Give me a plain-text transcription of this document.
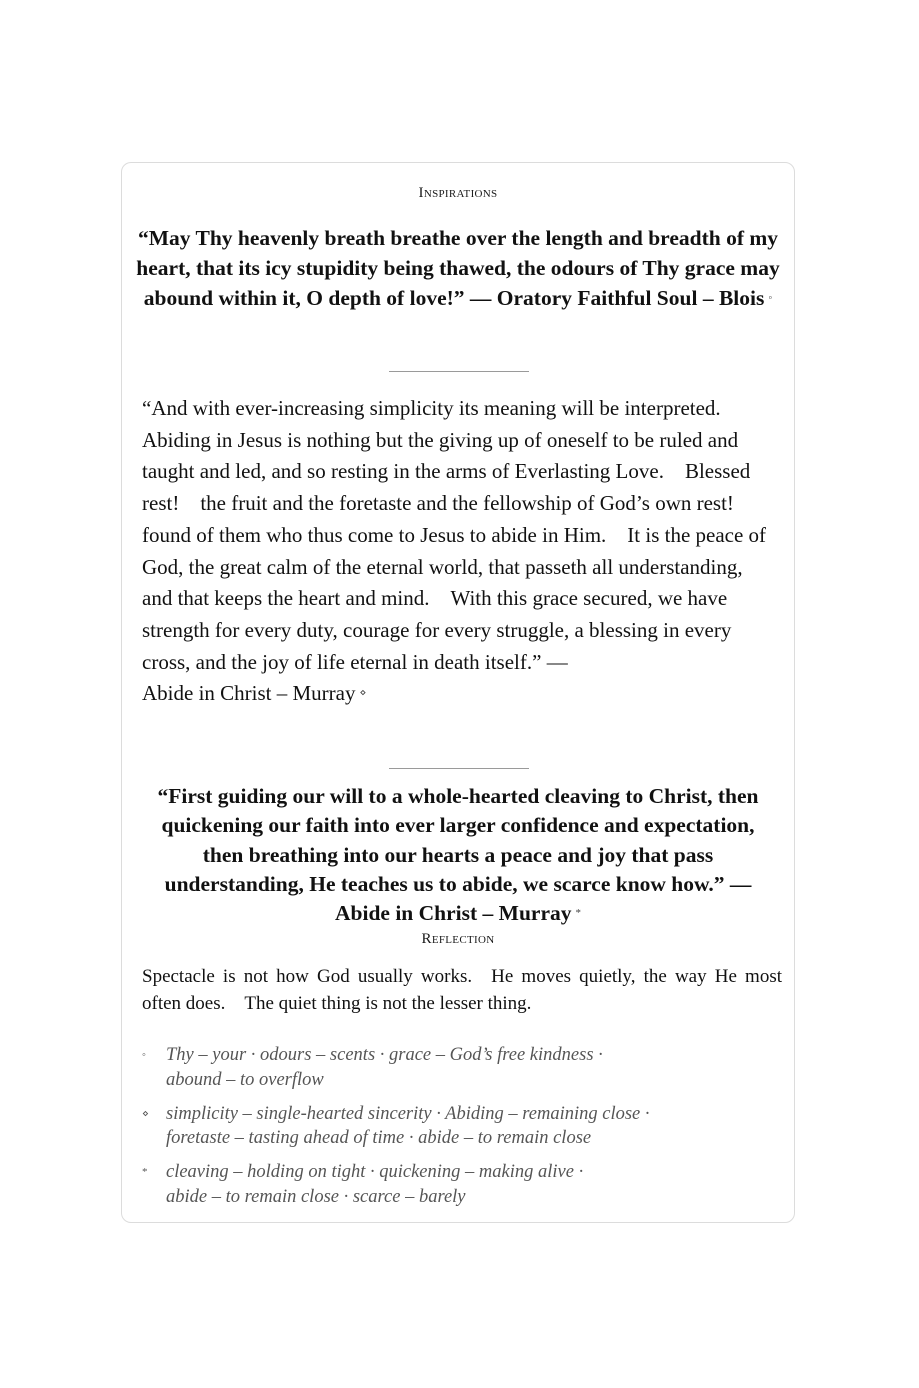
Inspirations
“May Thy heavenly breath breathe over the length and breadth of my heart, that its icy stupidity being thawed, the odours of Thy grace may abound within it, O depth of love!” — Oratory Faithful Soul – Blois ◦
“And with ever-increasing simplicity its meaning will be interpreted. Abiding in Jesus is nothing but the giving up of oneself to be ruled and taught and led, and so resting in the arms of Everlasting Love. Blessed rest! the fruit and the foretaste and the fellowship of God’s own rest! found of them who thus come to Jesus to abide in Him. It is the peace of God, the great calm of the eternal world, that passeth all understanding, and that keeps the heart and mind. With this grace secured, we have strength for every duty, courage for every struggle, a blessing in every cross, and the joy of life eternal in death itself.” —
Abide in Christ – Murray ⋄
“First guiding our will to a whole-hearted cleaving to Christ, then quickening our faith into ever larger confidence and expectation, then breathing into our hearts a peace and joy that pass understanding, He teaches us to abide, we scarce know how.” — Abide in Christ – Murray *
Reflection
Spectacle is not how God usually works. He moves quietly, the way He most often does. The quiet thing is not the lesser thing.
◦	Thy – your · odours – scents · grace – God’s free kindness ·
abound – to overflow
⋄ simplicity – single-hearted sincerity · Abiding – remaining close ·
foretaste – tasting ahead of time · abide – to remain close
*	cleaving – holding on tight · quickening – making alive ·
abide – to remain close · scarce – barely
